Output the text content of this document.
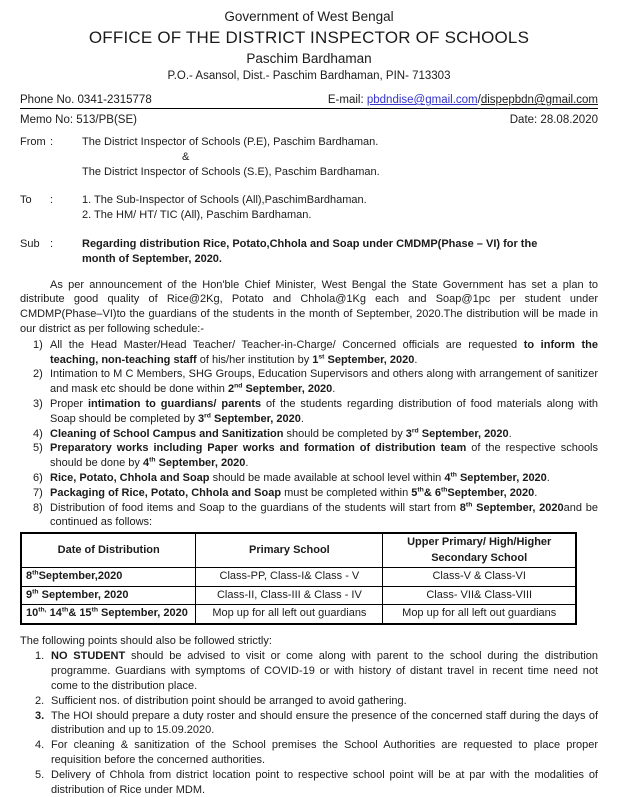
Government of West Bengal
OFFICE OF THE DISTRICT INSPECTOR OF SCHOOLS
Paschim Bardhaman
P.O.- Asansol, Dist.- Paschim Bardhaman, PIN- 713303
Phone No. 0341-2315778	E-mail: pbdndise@gmail.com/dispepbdn@gmail.com
Memo No: 513/PB(SE)	Date: 28.08.2020
From :	The District Inspector of Schools (P.E), Paschim Bardhaman.
&
The District Inspector of Schools (S.E), Paschim Bardhaman.
To	:	1. The Sub-Inspector of Schools (All),PaschimBardhaman.
2. The HM/ HT/ TIC (All), Paschim Bardhaman.
Sub :	Regarding distribution Rice, Potato,Chhola and Soap under CMDMP(Phase – VI) for the month of September, 2020.
As per announcement of the Hon'ble Chief Minister, West Bengal the State Government has set a plan to distribute good quality of Rice@2Kg, Potato and Chhola@1Kg each and Soap@1pc per student under CMDMP(Phase–VI)to the guardians of the students in the month of September, 2020.The distribution will be made in our district as per following schedule:-
1) All the Head Master/Head Teacher/ Teacher-in-Charge/ Concerned officials are requested to inform the teaching, non-teaching staff of his/her institution by 1st September, 2020.
2) Intimation to M C Members, SHG Groups, Education Supervisors and others along with arrangement of sanitizer and mask etc should be done within 2nd September, 2020.
3) Proper intimation to guardians/ parents of the students regarding distribution of food materials along with Soap should be completed by 3rd September, 2020.
4) Cleaning of School Campus and Sanitization should be completed by 3rd September, 2020.
5) Preparatory works including Paper works and formation of distribution team of the respective schools should be done by 4th September, 2020.
6) Rice, Potato, Chhola and Soap should be made available at school level within 4th September, 2020.
7) Packaging of Rice, Potato, Chhola and Soap must be completed within 5th& 6thSeptember, 2020.
8) Distribution of food items and Soap to the guardians of the students will start from 8th September, 2020and be continued as follows:
Date of Distribution	Primary School	Upper Primary/ High/Higher Secondary School
8thSeptember,2020	Class-PP, Class-I& Class - V	Class-V & Class-VI
9th September, 2020	Class-II, Class-III & Class - IV	Class- VII& Class-VIII
$10^{th,}$ 14th& 15th September, 2020	Mop up for all left out guardians	Mop up for all left out guardians
The following points should also be followed strictly:
1. NO STUDENT should be advised to visit or come along with parent to the school during the distribution programme. Guardians with symptoms of COVID-19 or with history of distant travel in recent time need not come to the distribution place.
2. Sufficient nos. of distribution point should be arranged to avoid gathering.
3. The HOI should prepare a duty roster and should ensure the presence of the concerned staff during the days of distribution and up to 15.09.2020.
4. For cleaning & sanitization of the School premises the School Authorities are requested to place proper requisition before the concerned authorities.
5. Delivery of Chhola from district location point to respective school point will be at par with the modalities of distribution of Rice under MDM.
